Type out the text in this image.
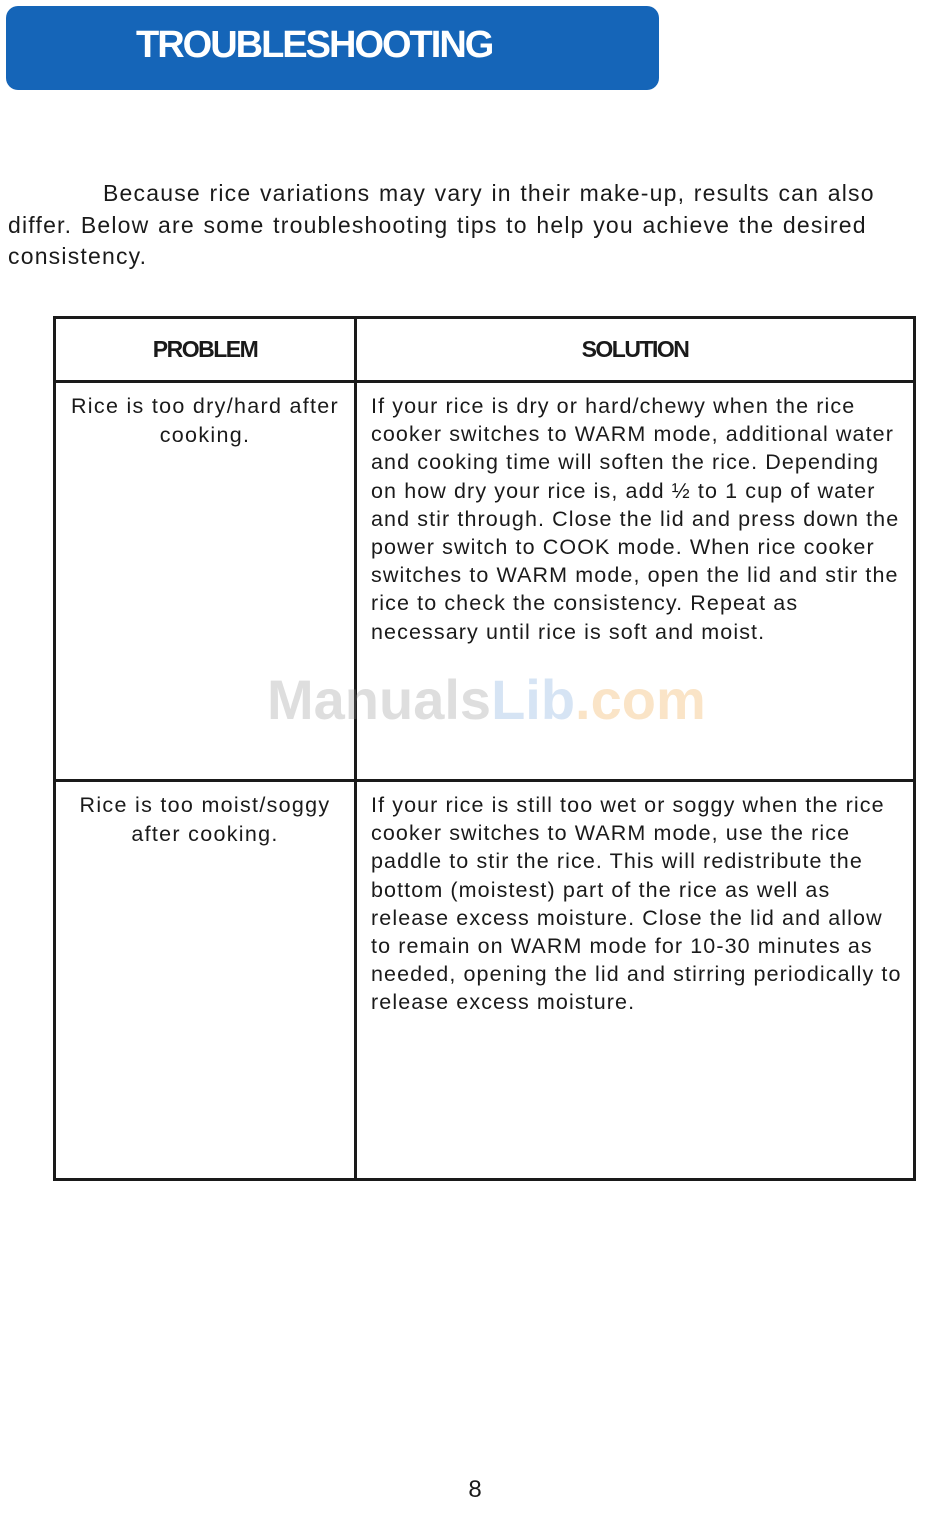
TROUBLESHOOTING

Because rice variations may vary in their make-up, results can also differ. Below are some troubleshooting tips to help you achieve the desired consistency.

PROBLEM	SOLUTION
Rice is too dry/hard after cooking.	If your rice is dry or hard/chewy when the rice cooker switches to WARM mode, additional water and cooking time will soften the rice. Depending on how dry your rice is, add ½ to 1 cup of water and stir through. Close the lid and press down the power switch to COOK mode. When rice cooker switches to WARM mode, open the lid and stir the rice to check the consistency. Repeat as necessary until rice is soft and moist.
Rice is too moist/soggy after cooking.	If your rice is still too wet or soggy when the rice cooker switches to WARM mode, use the rice paddle to stir the rice. This will redistribute the bottom (moistest) part of the rice as well as release excess moisture. Close the lid and allow to remain on WARM mode for 10-30 minutes as needed, opening the lid and stirring periodically to release excess moisture.
ManualsLib.com
8
